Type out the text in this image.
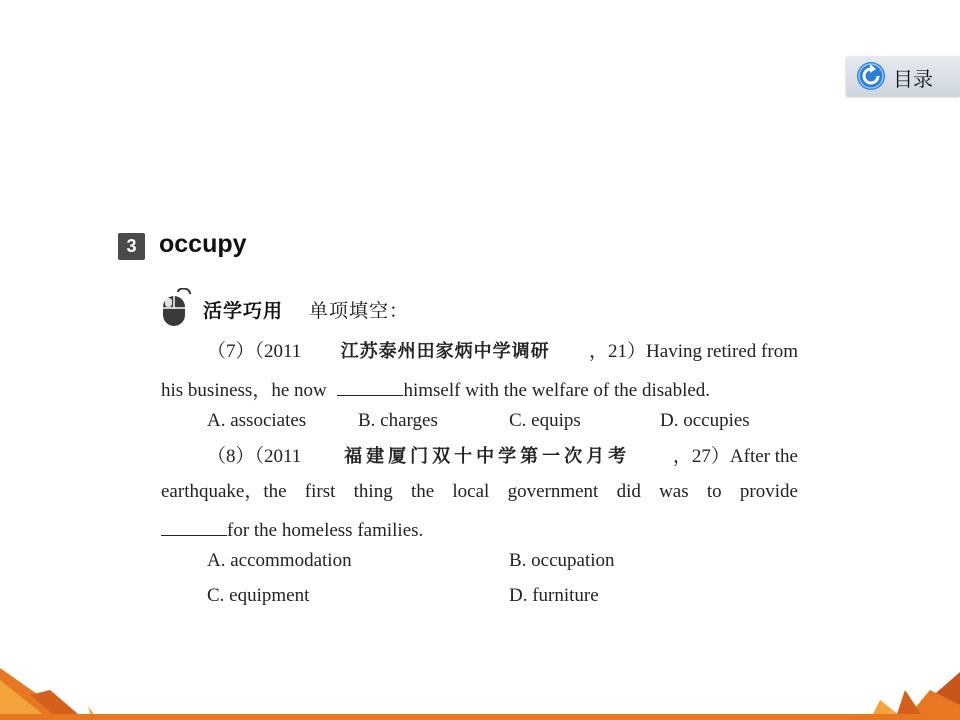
目录
3 occupy
活学巧用 单项填空：
（7）（2011 江苏泰州田家炳中学调研 ，21）Having retired from
his business，he now	himself with the welfare of the disabled.
A. associates	B. charges	C. equips	D. occupies
（8）（2011 福建厦门双十中学第一次月考 ，27）After the
earthquake，the first thing the local government did was to provide
for the homeless families.
A. accommodation	B. occupation
C. equipment	D. furniture
